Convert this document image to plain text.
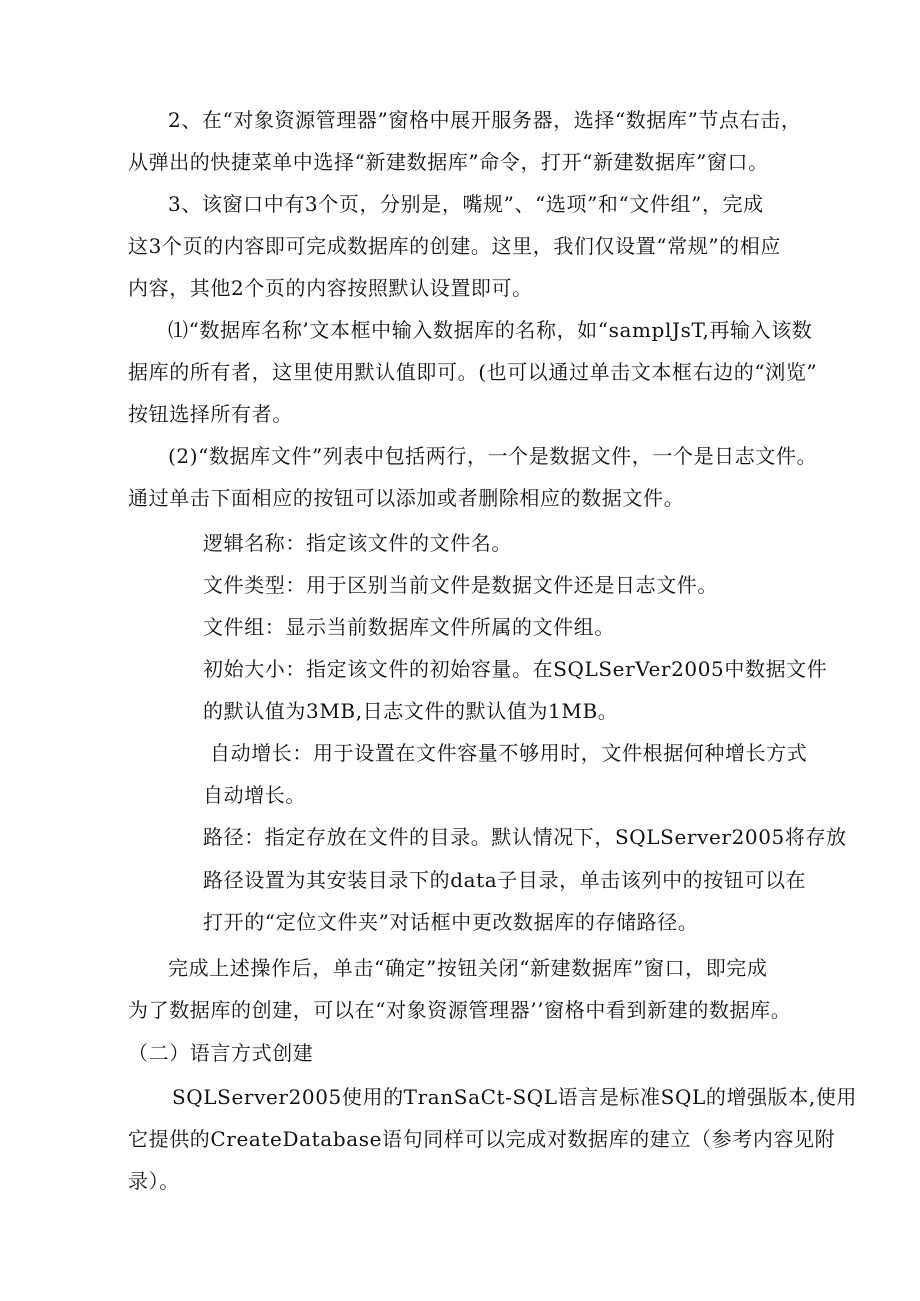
2、在“对象资源管理器”窗格中展开服务器，选择“数据库”节点右击，
从弹出的快捷菜单中选择“新建数据库”命令，打开“新建数据库”窗口。
3、该窗口中有3个页，分别是，嘴规”、“选项”和“文件组”，完成
这3个页的内容即可完成数据库的创建。这里，我们仅设置“常规”的相应
内容，其他2个页的内容按照默认设置即可。
⑴“数据库名称’文本框中输入数据库的名称，如“samplJsT,再输入该数
据库的所有者，这里使用默认值即可。(也可以通过单击文本框右边的“浏览”
按钮选择所有者。
(2)“数据库文件”列表中包括两行，一个是数据文件，一个是日志文件。
通过单击下面相应的按钮可以添加或者删除相应的数据文件。
逻辑名称：指定该文件的文件名。
文件类型：用于区别当前文件是数据文件还是日志文件。
文件组：显示当前数据库文件所属的文件组。
初始大小：指定该文件的初始容量。在SQLSerVer2005中数据文件
的默认值为3MB,日志文件的默认值为1MB。
自动增长：用于设置在文件容量不够用时，文件根据何种增长方式
自动增长。
路径：指定存放在文件的目录。默认情况下，SQLServer2005将存放
路径设置为其安装目录下的data子目录，单击该列中的按钮可以在
打开的“定位文件夹”对话框中更改数据库的存储路径。
完成上述操作后，单击“确定”按钮关闭“新建数据库”窗口，即完成
为了数据库的创建，可以在“对象资源管理器’’窗格中看到新建的数据库。
（二）语言方式创建
SQLServer2005使用的TranSaCt-SQL语言是标准SQL的增强版本,使用
它提供的CreateDatabase语句同样可以完成对数据库的建立（参考内容见附
录）。
